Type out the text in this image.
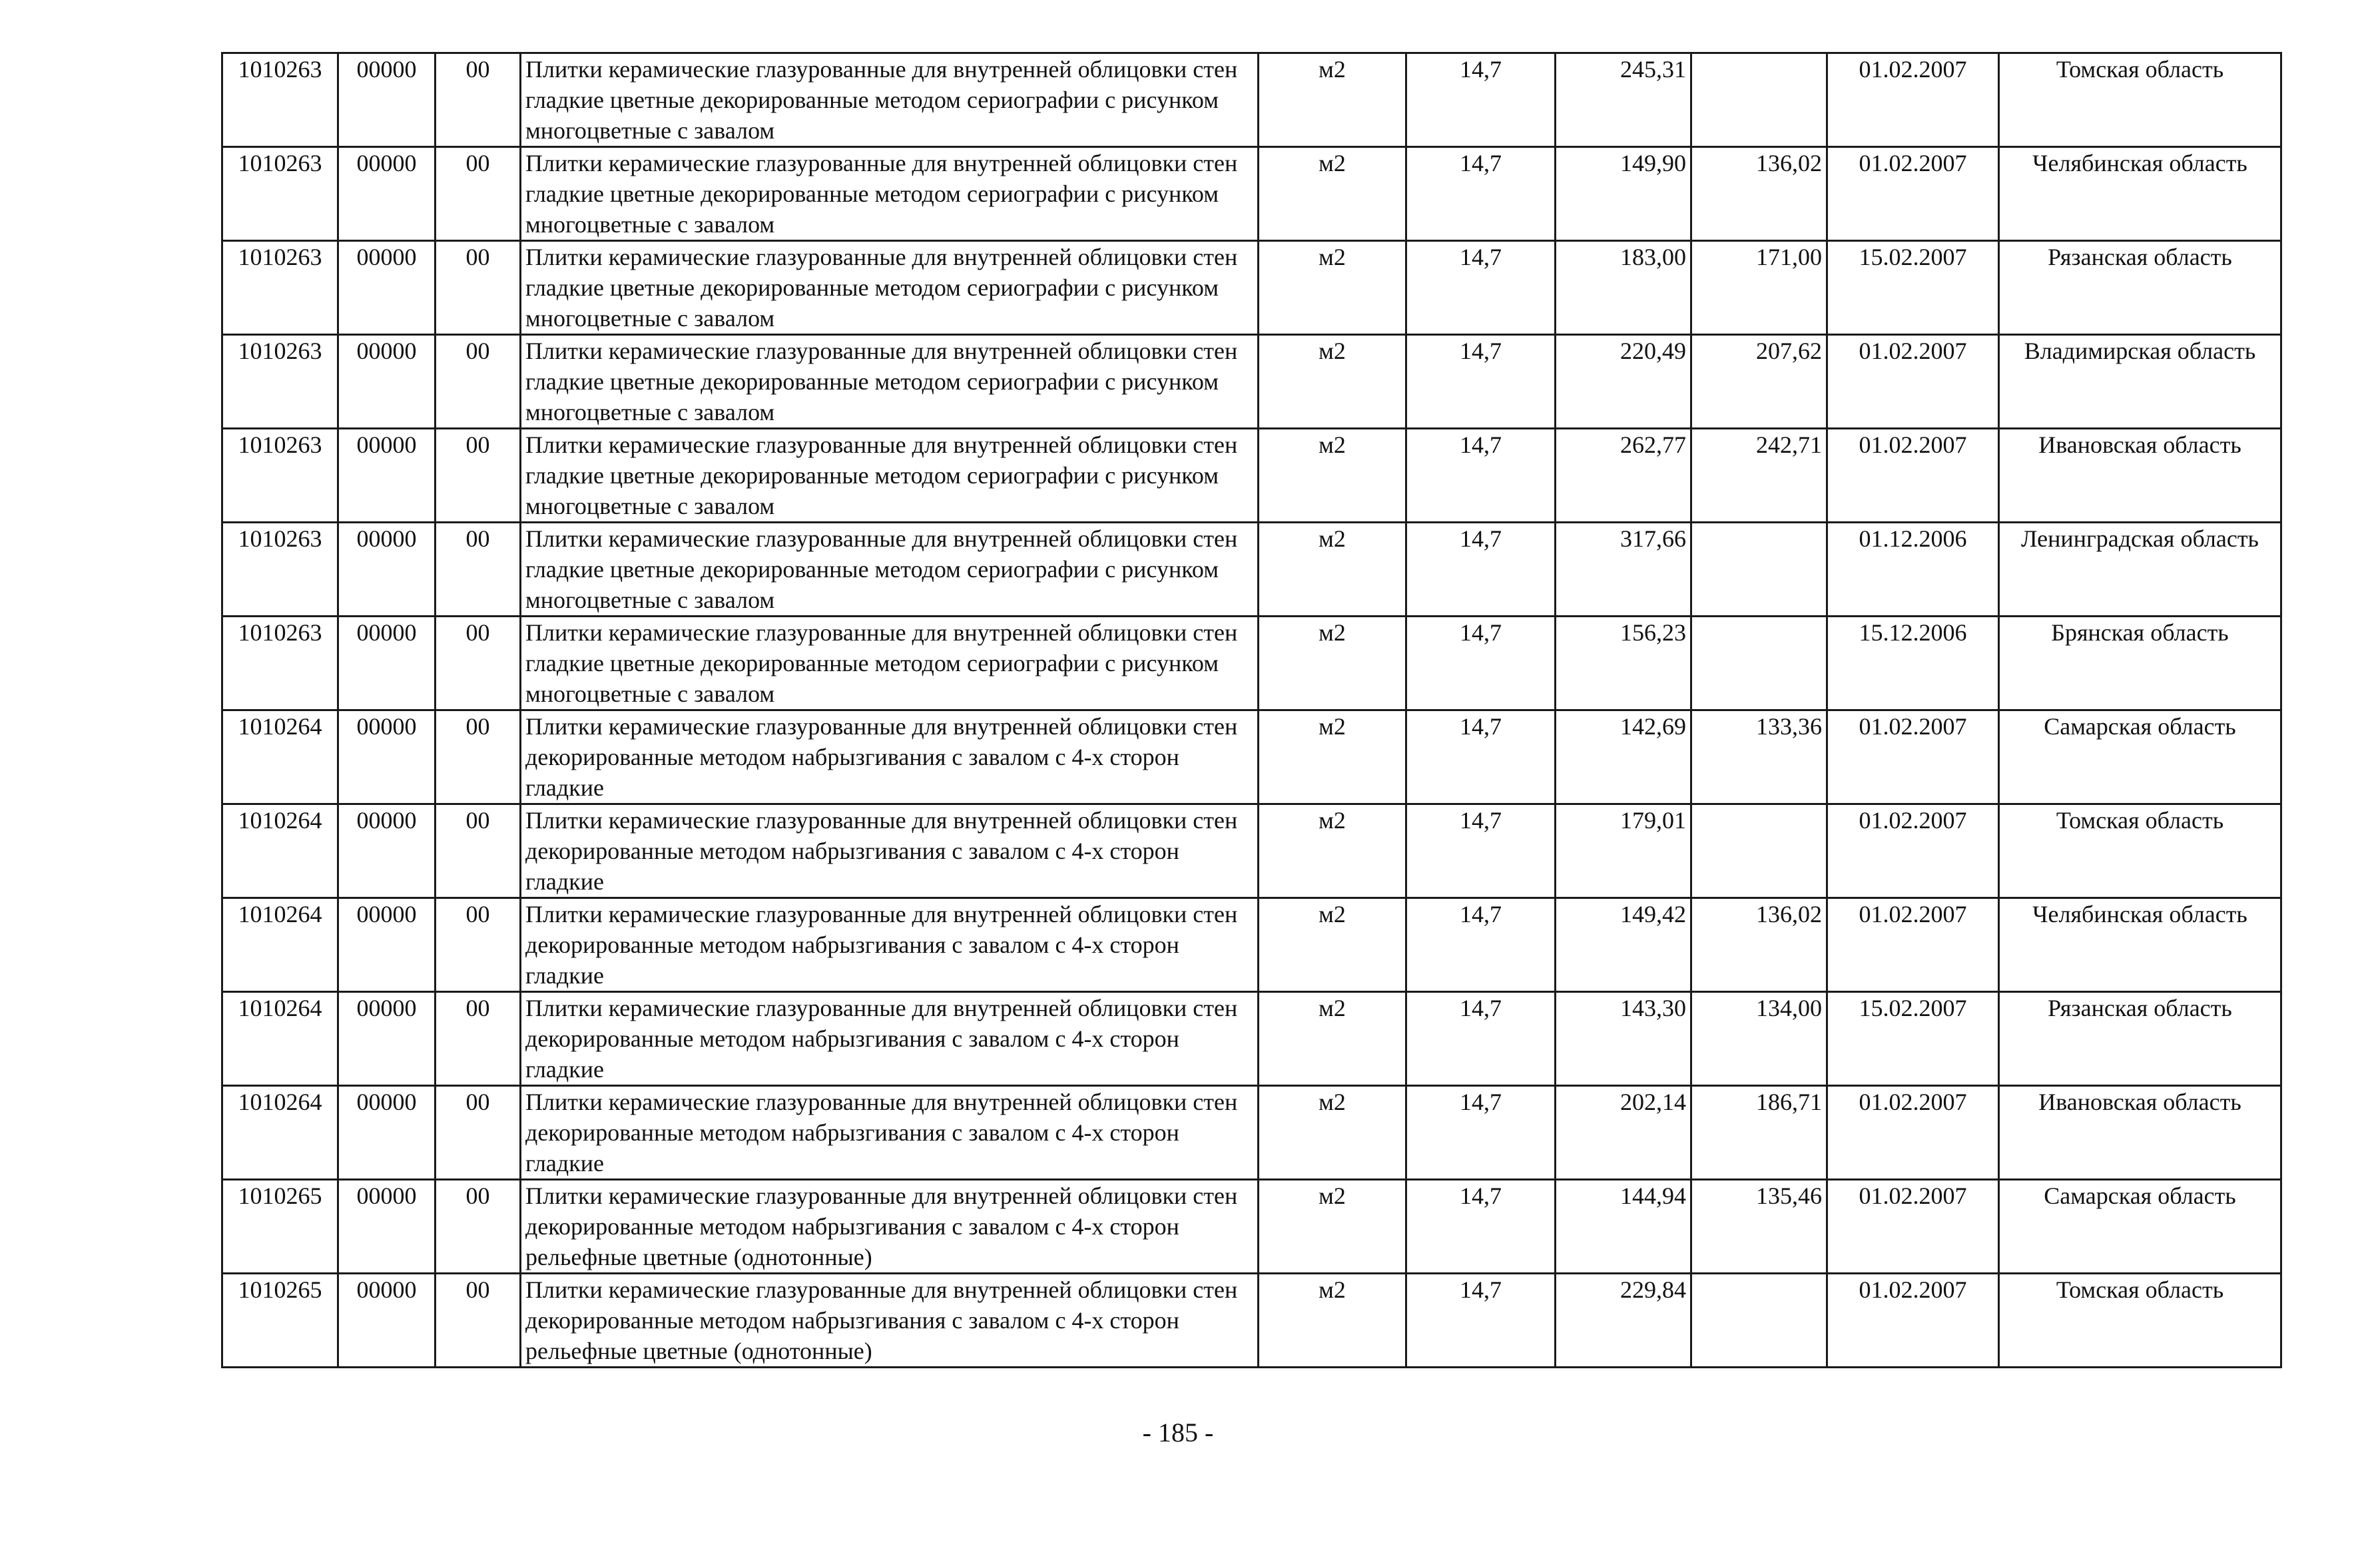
1010263	00000	00	Плитки керамические глазурованные для внутренней облицовки стен гладкие цветные декорированные методом сериографии с рисунком многоцветные с завалом	м2	14,7	245,31		01.02.2007	Томская область
1010263	00000	00	Плитки керамические глазурованные для внутренней облицовки стен гладкие цветные декорированные методом сериографии с рисунком многоцветные с завалом	м2	14,7	149,90	136,02	01.02.2007	Челябинская область
1010263	00000	00	Плитки керамические глазурованные для внутренней облицовки стен гладкие цветные декорированные методом сериографии с рисунком многоцветные с завалом	м2	14,7	183,00	171,00	15.02.2007	Рязанская область
1010263	00000	00	Плитки керамические глазурованные для внутренней облицовки стен гладкие цветные декорированные методом сериографии с рисунком многоцветные с завалом	м2	14,7	220,49	207,62	01.02.2007	Владимирская область
1010263	00000	00	Плитки керамические глазурованные для внутренней облицовки стен гладкие цветные декорированные методом сериографии с рисунком многоцветные с завалом	м2	14,7	262,77	242,71	01.02.2007	Ивановская область
1010263	00000	00	Плитки керамические глазурованные для внутренней облицовки стен гладкие цветные декорированные методом сериографии с рисунком многоцветные с завалом	м2	14,7	317,66		01.12.2006	Ленинградская область
1010263	00000	00	Плитки керамические глазурованные для внутренней облицовки стен гладкие цветные декорированные методом сериографии с рисунком многоцветные с завалом	м2	14,7	156,23		15.12.2006	Брянская область
1010264	00000	00	Плитки керамические глазурованные для внутренней облицовки стен декорированные методом набрызгивания с завалом с 4-х сторон гладкие	м2	14,7	142,69	133,36	01.02.2007	Самарская область
1010264	00000	00	Плитки керамические глазурованные для внутренней облицовки стен декорированные методом набрызгивания с завалом с 4-х сторон гладкие	м2	14,7	179,01		01.02.2007	Томская область
1010264	00000	00	Плитки керамические глазурованные для внутренней облицовки стен декорированные методом набрызгивания с завалом с 4-х сторон гладкие	м2	14,7	149,42	136,02	01.02.2007	Челябинская область
1010264	00000	00	Плитки керамические глазурованные для внутренней облицовки стен декорированные методом набрызгивания с завалом с 4-х сторон гладкие	м2	14,7	143,30	134,00	15.02.2007	Рязанская область
1010264	00000	00	Плитки керамические глазурованные для внутренней облицовки стен декорированные методом набрызгивания с завалом с 4-х сторон гладкие	м2	14,7	202,14	186,71	01.02.2007	Ивановская область
1010265	00000	00	Плитки керамические глазурованные для внутренней облицовки стен декорированные методом набрызгивания с завалом с 4-х сторон рельефные цветные (однотонные)	м2	14,7	144,94	135,46	01.02.2007	Самарская область
1010265	00000	00	Плитки керамические глазурованные для внутренней облицовки стен декорированные методом набрызгивания с завалом с 4-х сторон рельефные цветные (однотонные)	м2	14,7	229,84		01.02.2007	Томская область
- 185 -
